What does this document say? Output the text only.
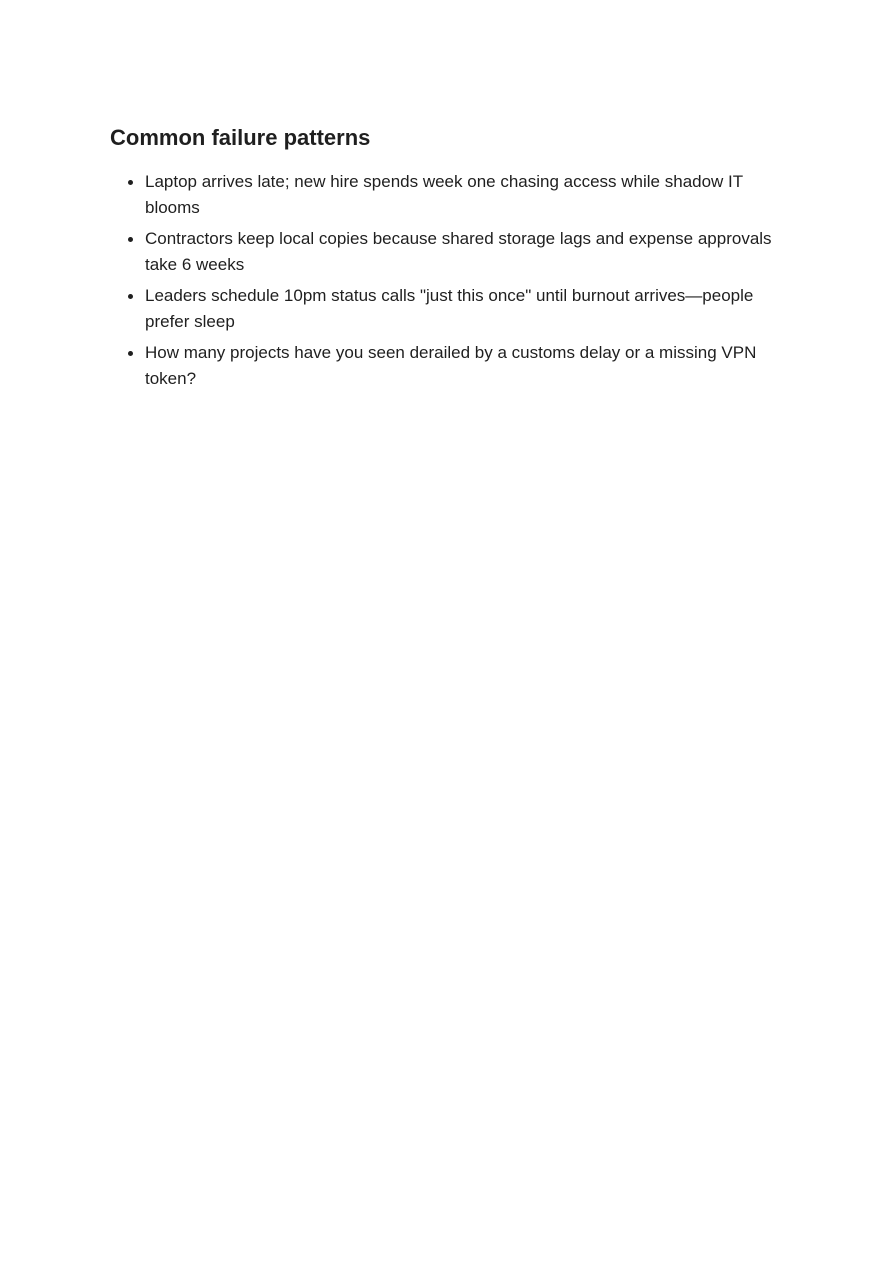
Common failure patterns
Laptop arrives late; new hire spends week one chasing access while shadow IT blooms
Contractors keep local copies because shared storage lags and expense approvals take 6 weeks
Leaders schedule 10pm status calls "just this once" until burnout arrives—people prefer sleep
How many projects have you seen derailed by a customs delay or a missing VPN token?
